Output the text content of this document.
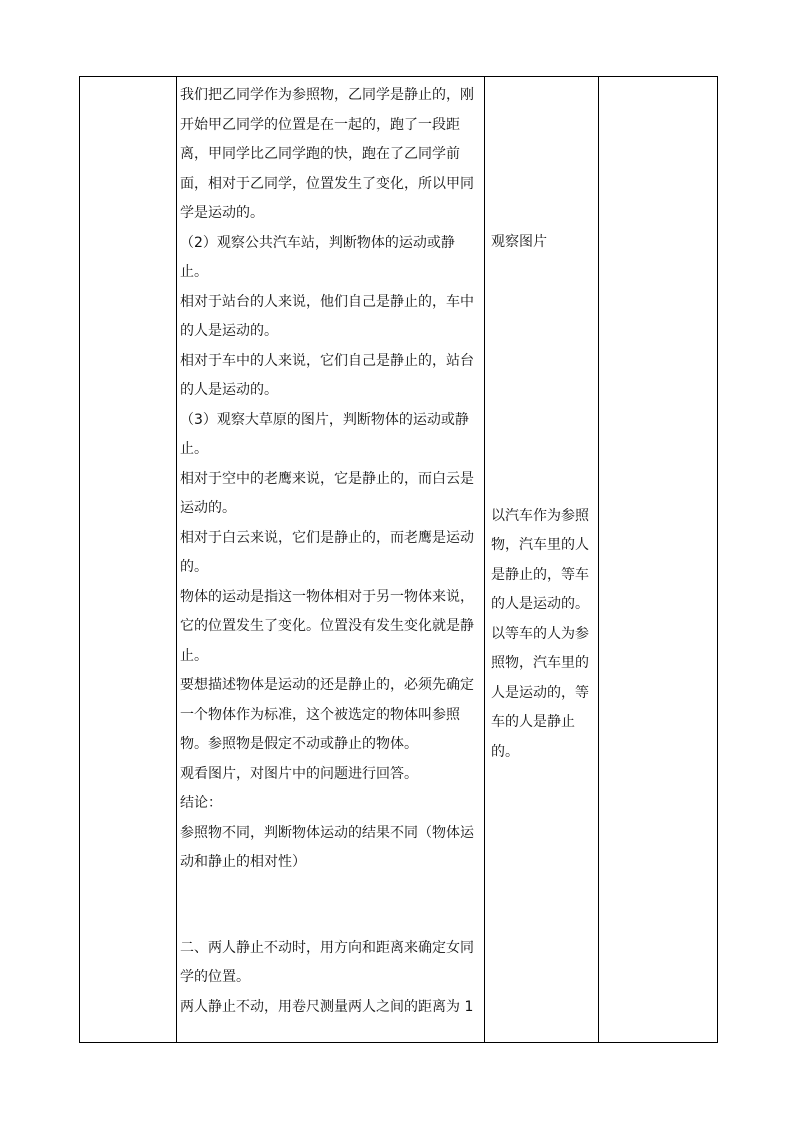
我们把乙同学作为参照物，乙同学是静止的，刚开始甲乙同学的位置是在一起的，跑了一段距离，甲同学比乙同学跑的快，跑在了乙同学前面，相对于乙同学，位置发生了变化，所以甲同学是运动的。

（2）观察公共汽车站，判断物体的运动或静止。

相对于站台的人来说，他们自己是静止的，车中的人是运动的。

相对于车中的人来说，它们自己是静止的，站台的人是运动的。

（3）观察大草原的图片，判断物体的运动或静止。

相对于空中的老鹰来说，它是静止的，而白云是运动的。

相对于白云来说，它们是静止的，而老鹰是运动的。

物体的运动是指这一物体相对于另一物体来说，它的位置发生了变化。位置没有发生变化就是静止。

要想描述物体是运动的还是静止的，必须先确定一个物体作为标准，这个被选定的物体叫参照物。参照物是假定不动或静止的物体。

观看图片，对图片中的问题进行回答。

结论：

参照物不同，判断物体运动的结果不同（物体运动和静止的相对性）

二、两人静止不动时，用方向和距离来确定女同学的位置。

两人静止不动，用卷尺测量两人之间的距离为 1

观察图片

以汽车作为参照物，汽车里的人是静止的，等车的人是运动的。以等车的人为参照物，汽车里的人是运动的，等车的人是静止的。
